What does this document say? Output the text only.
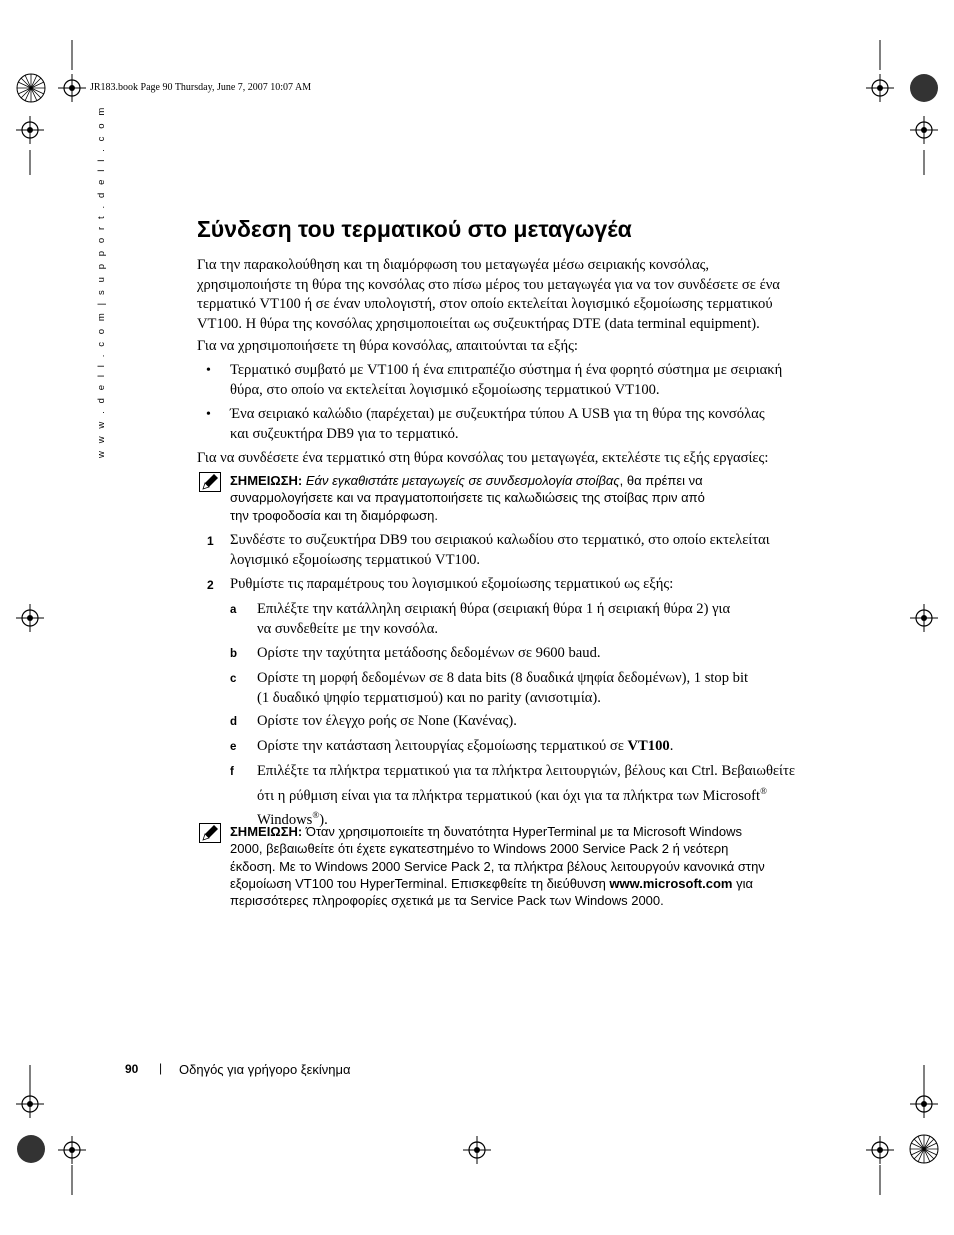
JR183.book Page 90 Thursday, June 7, 2007 10:07 AM
w w w . d e l l . c o m | s u p p o r t . d e l l . c o m	Σύνδεση του τερματικού στο μεταγωγέα
Για την παρακολούθηση και τη διαμόρφωση του μεταγωγέα μέσω σειριακής κονσόλας,
χρησιμοποιήστε τη θύρα της κονσόλας στο πίσω μέρος του μεταγωγέα για να τον συνδέσετε σε ένα
τερματικό VT100 ή σε έναν υπολογιστή, στον οποίο εκτελείται λογισμικό εξομοίωσης τερματικού
VT100. Η θύρα της κονσόλας χρησιμοποιείται ως συζευκτήρας DTE (data terminal equipment).
Για να χρησιμοποιήσετε τη θύρα κονσόλας, απαιτούνται τα εξής:
• Τερματικό συμβατό με VT100 ή ένα επιτραπέζιο σύστημα ή ένα φορητό σύστημα με σειριακή
θύρα, στο οποίο να εκτελείται λογισμικό εξομοίωσης τερματικού VT100.
• Ένα σειριακό καλώδιο (παρέχεται) με συζευκτήρα τύπου A USB για τη θύρα της κονσόλας
και συζευκτήρα DB9 για το τερματικό.
Για να συνδέσετε ένα τερματικό στη θύρα κονσόλας του μεταγωγέα, εκτελέστε τις εξής εργασίες:
ΣΗΜΕΙΩΣΗ: Εάν εγκαθιστάτε μεταγωγείς σε συνδεσμολογία στοίβας, θα πρέπει να
συναρμολογήσετε και να πραγματοποιήσετε τις καλωδιώσεις της στοίβας πριν από
την τροφοδοσία και τη διαμόρφωση.
1 Συνδέστε το συζευκτήρα DB9 του σειριακού καλωδίου στο τερματικό, στο οποίο εκτελείται
λογισμικό εξομοίωσης τερματικού VT100.
2 Ρυθμίστε τις παραμέτρους του λογισμικού εξομοίωσης τερματικού ως εξής:
a Επιλέξτε την κατάλληλη σειριακή θύρα (σειριακή θύρα 1 ή σειριακή θύρα 2) για
να συνδεθείτε με την κονσόλα.
b Ορίστε την ταχύτητα μετάδοσης δεδομένων σε 9600 baud.
c Ορίστε τη μορφή δεδομένων σε 8 data bits (8 δυαδικά ψηφία δεδομένων), 1 stop bit
(1 δυαδικό ψηφίο τερματισμού) και no parity (ανισοτιμία).
d Ορίστε τον έλεγχο ροής σε None (Κανένας).
e Ορίστε την κατάσταση λειτουργίας εξομοίωσης τερματικού σε VT100.
f Επιλέξτε τα πλήκτρα τερματικού για τα πλήκτρα λειτουργιών, βέλους και Ctrl. Βεβαιωθείτε
ότι η ρύθμιση είναι για τα πλήκτρα τερματικού (και όχι για τα πλήκτρα των Microsoft®
Windows®).
ΣΗΜΕΙΩΣΗ: Όταν χρησιμοποιείτε τη δυνατότητα HyperTerminal με τα Microsoft Windows
2000, βεβαιωθείτε ότι έχετε εγκατεστημένο το Windows 2000 Service Pack 2 ή νεότερη
έκδοση. Με το Windows 2000 Service Pack 2, τα πλήκτρα βέλους λειτουργούν κανονικά στην
εξομοίωση VT100 του HyperTerminal. Επισκεφθείτε τη διεύθυνση www.microsoft.com για
περισσότερες πληροφορίες σχετικά με τα Service Pack των Windows 2000.
90 | Οδηγός για γρήγορο ξεκίνημα
